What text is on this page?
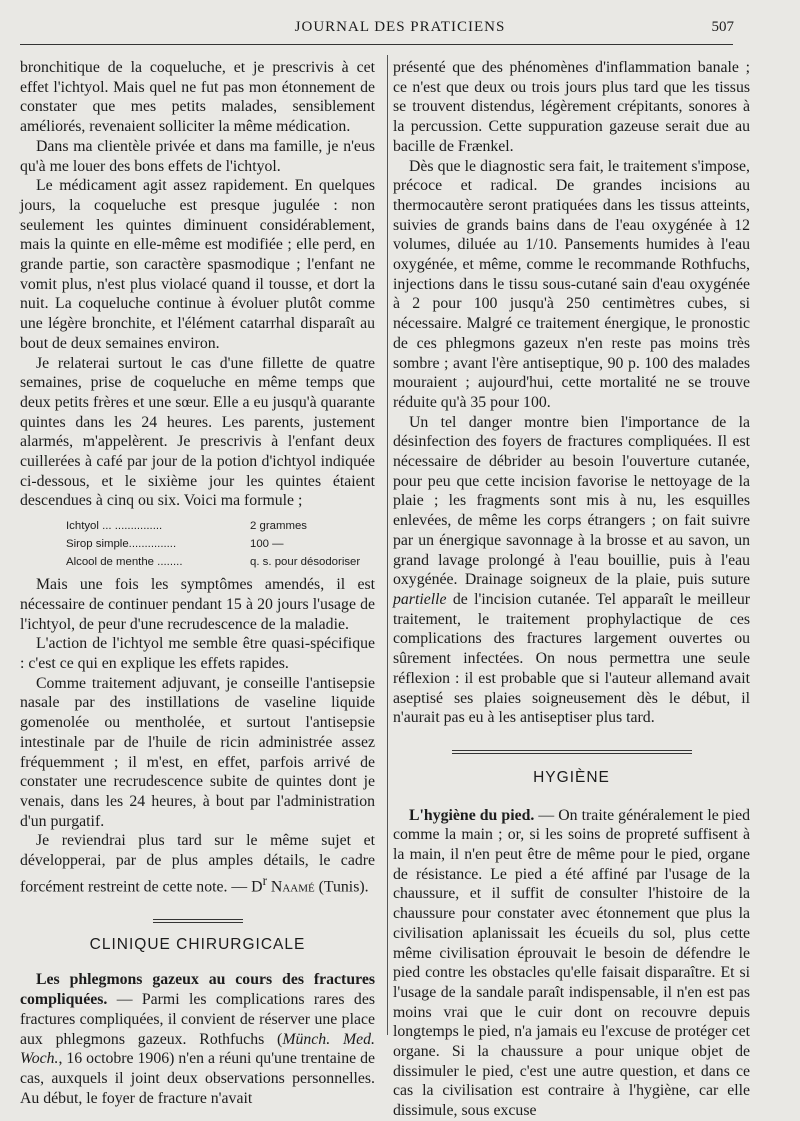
JOURNAL DES PRATICIENS	507

bronchitique de la coqueluche, et je prescrivis à cet effet l'ichtyol. Mais quel ne fut pas mon étonnement de constater que mes petits malades, sensiblement améliorés, revenaient solliciter la même médication.

Dans ma clientèle privée et dans ma famille, je n'eus qu'à me louer des bons effets de l'ichtyol.

Le médicament agit assez rapidement. En quelques jours, la coqueluche est presque jugulée : non seulement les quintes diminuent considérablement, mais la quinte en elle-même est modifiée ; elle perd, en grande partie, son caractère spasmodique ; l'enfant ne vomit plus, n'est plus violacé quand il tousse, et dort la nuit. La coqueluche continue à évoluer plutôt comme une légère bronchite, et l'élément catarrhal disparaît au bout de deux semaines environ.

Je relaterai surtout le cas d'une fillette de quatre semaines, prise de coqueluche en même temps que deux petits frères et une sœur. Elle a eu jusqu'à quarante quintes dans les 24 heures. Les parents, justement alarmés, m'appelèrent. Je prescrivis à l'enfant deux cuillerées à café par jour de la potion d'ichtyol indiquée ci-dessous, et le sixième jour les quintes étaient descendues à cinq ou six. Voici ma formule ;

Ichtyol ... ...............	2 grammes
Sirop simple...............	100 —
Alcool de menthe ........	q. s. pour désodoriser

Mais une fois les symptômes amendés, il est nécessaire de continuer pendant 15 à 20 jours l'usage de l'ichtyol, de peur d'une recrudescence de la maladie.

L'action de l'ichtyol me semble être quasi-spécifique : c'est ce qui en explique les effets rapides.

Comme traitement adjuvant, je conseille l'antisepsie nasale par des instillations de vaseline liquide gomenolée ou mentholée, et surtout l'antisepsie intestinale par de l'huile de ricin administrée assez fréquemment ; il m'est, en effet, parfois arrivé de constater une recrudescence subite de quintes dont je venais, dans les 24 heures, à bout par l'administration d'un purgatif.

Je reviendrai plus tard sur le même sujet et développerai, par de plus amples détails, le cadre forcément restreint de cette note. — $D^r$ Naamé (Tunis).

CLINIQUE CHIRURGICALE

Les phlegmons gazeux au cours des fractures compliquées. — Parmi les complications rares des fractures compliquées, il convient de réserver une place aux phlegmons gazeux. Rothfuchs (Münch. Med. Woch., 16 octobre 1906) n'en a réuni qu'une trentaine de cas, auxquels il joint deux observations personnelles. Au début, le foyer de fracture n'avait

présenté que des phénomènes d'inflammation banale ; ce n'est que deux ou trois jours plus tard que les tissus se trouvent distendus, légèrement crépitants, sonores à la percussion. Cette suppuration gazeuse serait due au bacille de Frænkel.

Dès que le diagnostic sera fait, le traitement s'impose, précoce et radical. De grandes incisions au thermocautère seront pratiquées dans les tissus atteints, suivies de grands bains dans de l'eau oxygénée à 12 volumes, diluée au 1/10. Pansements humides à l'eau oxygénée, et même, comme le recommande Rothfuchs, injections dans le tissu sous-cutané sain d'eau oxygénée à 2 pour 100 jusqu'à 250 centimètres cubes, si nécessaire. Malgré ce traitement énergique, le pronostic de ces phlegmons gazeux n'en reste pas moins très sombre ; avant l'ère antiseptique, 90 p. 100 des malades mouraient ; aujourd'hui, cette mortalité ne se trouve réduite qu'à 35 pour 100.

Un tel danger montre bien l'importance de la désinfection des foyers de fractures compliquées. Il est nécessaire de débrider au besoin l'ouverture cutanée, pour peu que cette incision favorise le nettoyage de la plaie ; les fragments sont mis à nu, les esquilles enlevées, de même les corps étrangers ; on fait suivre par un énergique savonnage à la brosse et au savon, un grand lavage prolongé à l'eau bouillie, puis à l'eau oxygénée. Drainage soigneux de la plaie, puis suture partielle de l'incision cutanée. Tel apparaît le meilleur traitement, le traitement prophylactique de ces complications des fractures largement ouvertes ou sûrement infectées. On nous permettra une seule réflexion : il est probable que si l'auteur allemand avait aseptisé ses plaies soigneusement dès le début, il n'aurait pas eu à les antiseptiser plus tard.

HYGIÈNE

L'hygiène du pied. — On traite généralement le pied comme la main ; or, si les soins de propreté suffisent à la main, il n'en peut être de même pour le pied, organe de résistance. Le pied a été affiné par l'usage de la chaussure, et il suffit de consulter l'histoire de la chaussure pour constater avec étonnement que plus la civilisation aplanissait les écueils du sol, plus cette même civilisation éprouvait le besoin de défendre le pied contre les obstacles qu'elle faisait disparaître. Et si l'usage de la sandale paraît indispensable, il n'en est pas moins vrai que le cuir dont on recouvre depuis longtemps le pied, n'a jamais eu l'excuse de protéger cet organe. Si la chaussure a pour unique objet de dissimuler le pied, c'est une autre question, et dans ce cas la civilisation est contraire à l'hygiène, car elle dissimule, sous excuse
